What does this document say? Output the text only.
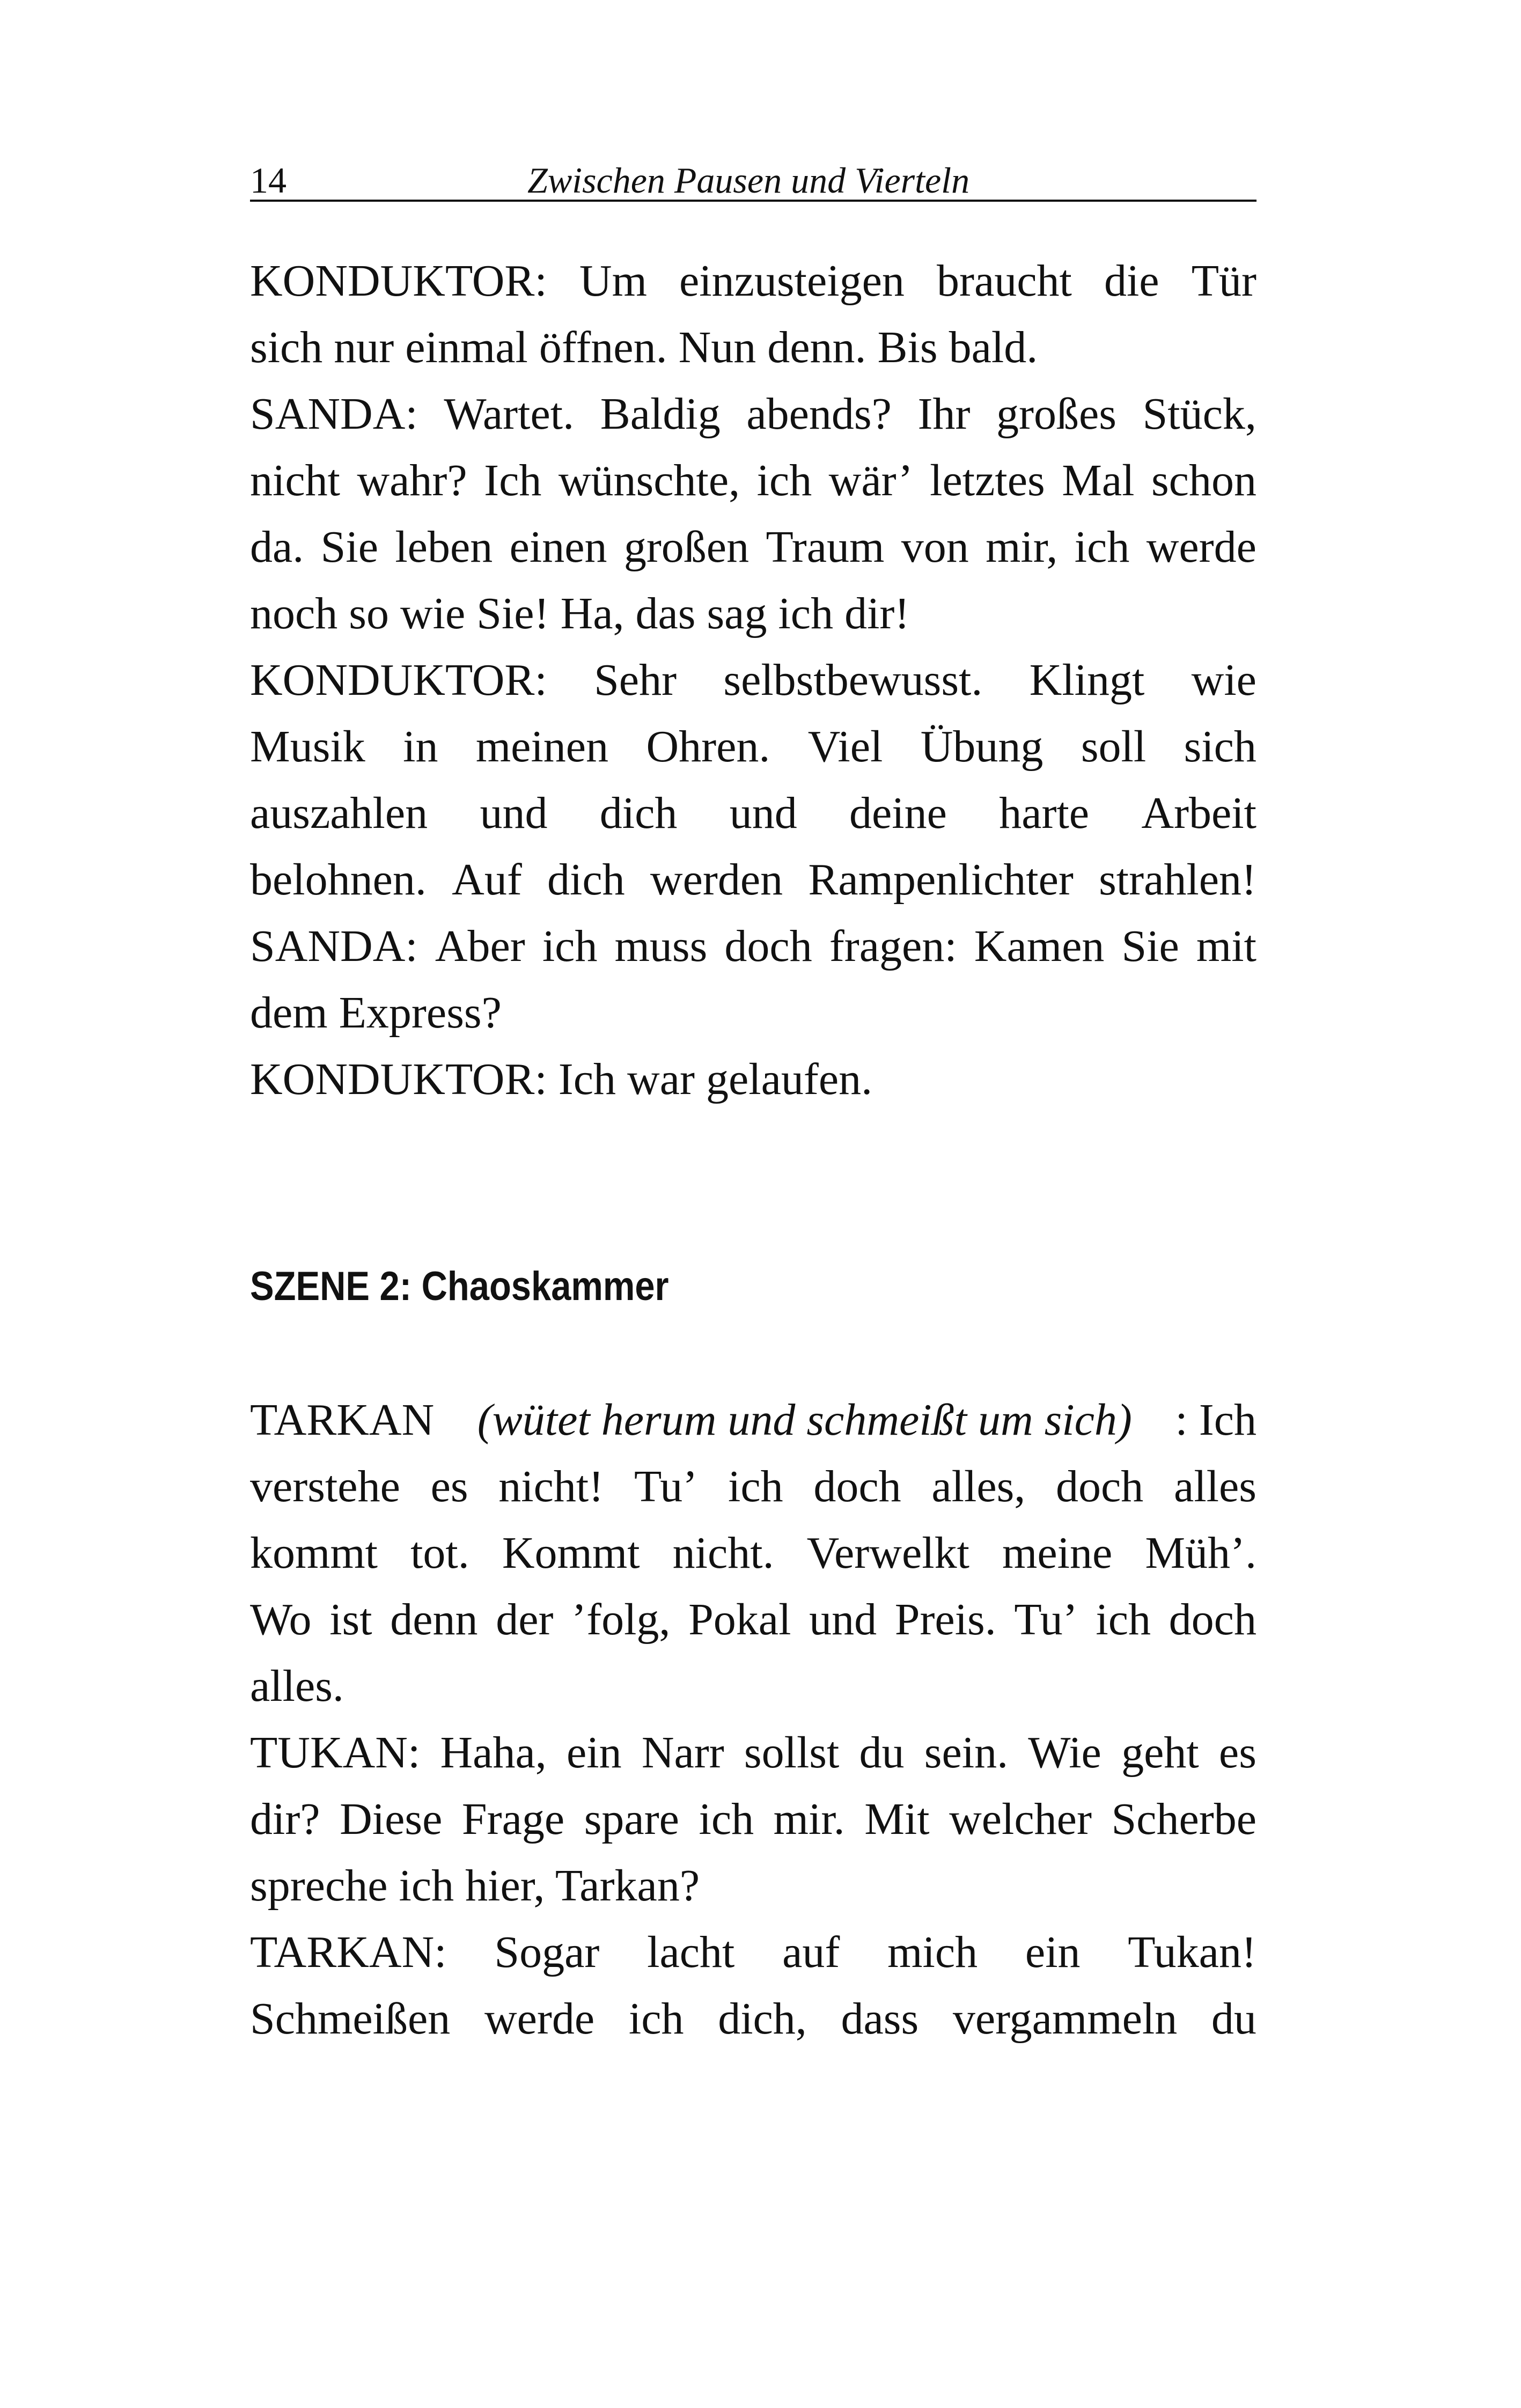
14	Zwischen Pausen und Vierteln
KONDUKTOR: Um einzusteigen braucht die Tür
sich nur einmal öffnen. Nun denn. Bis bald.
SANDA: Wartet. Baldig abends? Ihr großes Stück,
nicht wahr? Ich wünschte, ich wär’ letztes Mal schon
da. Sie leben einen großen Traum von mir, ich werde
noch so wie Sie! Ha, das sag ich dir!
KONDUKTOR: Sehr selbstbewusst. Klingt wie
Musik in meinen Ohren. Viel Übung soll sich
auszahlen und dich und deine harte Arbeit
belohnen. Auf dich werden Rampenlichter strahlen!
SANDA: Aber ich muss doch fragen: Kamen Sie mit
dem Express?
KONDUKTOR: Ich war gelaufen.
SZENE 2: Chaoskammer
TARKAN (wütet herum und schmeißt um sich) : Ich
verstehe es nicht! Tu’ ich doch alles, doch alles
kommt tot. Kommt nicht. Verwelkt meine Müh’.
Wo ist denn der ’folg, Pokal und Preis. Tu’ ich doch
alles.
TUKAN: Haha, ein Narr sollst du sein. Wie geht es
dir? Diese Frage spare ich mir. Mit welcher Scherbe
spreche ich hier, Tarkan?
TARKAN: Sogar lacht auf mich ein Tukan!
Schmeißen werde ich dich, dass vergammeln du
